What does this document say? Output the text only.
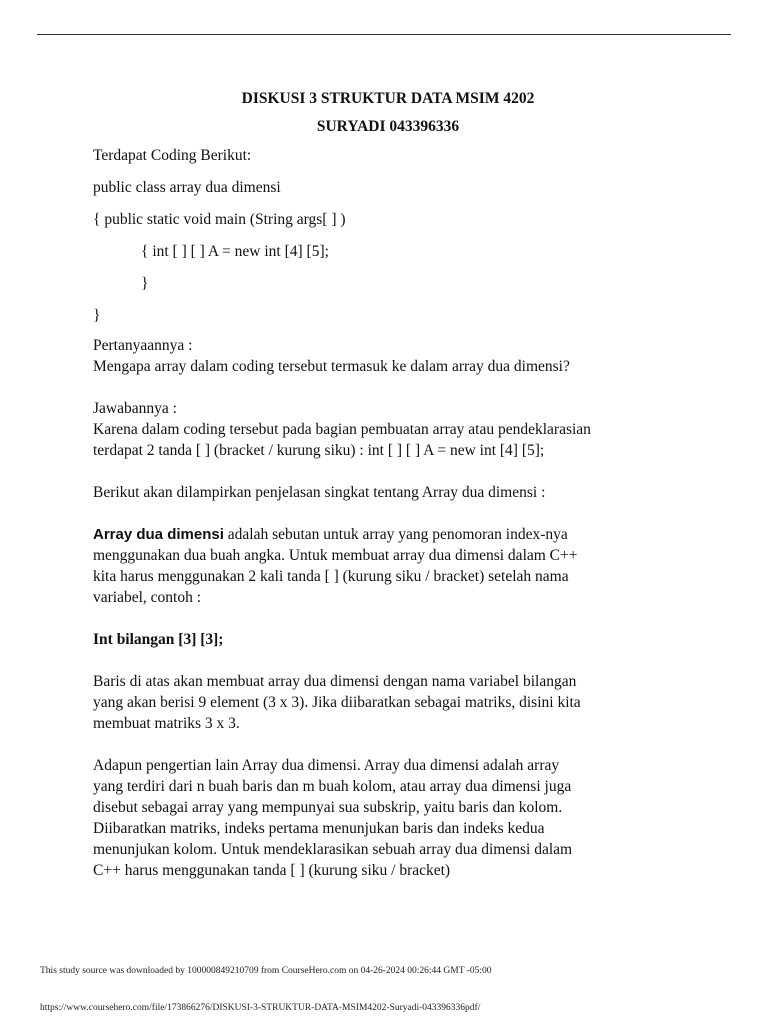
DISKUSI 3 STRUKTUR DATA MSIM 4202

SURYADI 043396336

Terdapat Coding Berikut:

public class array dua dimensi

{ public static void main (String args[ ] )

{ int [ ] [ ] A = new int [4] [5];

}

}

Pertanyaannya :

Mengapa array dalam coding tersebut termasuk ke dalam array dua dimensi?

Jawabannya :

Karena dalam coding tersebut pada bagian pembuatan array atau pendeklarasian

terdapat 2 tanda [ ] (bracket / kurung siku) : int [ ] [ ] A = new int [4] [5];

Berikut akan dilampirkan penjelasan singkat tentang Array dua dimensi :

Array dua dimensi adalah sebutan untuk array yang penomoran index-nya

menggunakan dua buah angka. Untuk membuat array dua dimensi dalam C++

kita harus menggunakan 2 kali tanda [ ] (kurung siku / bracket) setelah nama

variabel, contoh :

Int bilangan [3] [3];

Baris di atas akan membuat array dua dimensi dengan nama variabel bilangan

yang akan berisi 9 element (3 x 3). Jika diibaratkan sebagai matriks, disini kita

membuat matriks 3 x 3.

Adapun pengertian lain Array dua dimensi. Array dua dimensi adalah array

yang terdiri dari n buah baris dan m buah kolom, atau array dua dimensi juga

disebut sebagai array yang mempunyai sua subskrip, yaitu baris dan kolom.

Diibaratkan matriks, indeks pertama menunjukan baris dan indeks kedua

menunjukan kolom. Untuk mendeklarasikan sebuah array dua dimensi dalam

C++ harus menggunakan tanda [ ] (kurung siku / bracket)

This study source was downloaded by 100000849210709 from CourseHero.com on 04-26-2024 00:26:44 GMT -05:00
https://www.coursehero.com/file/173866276/DISKUSI-3-STRUKTUR-DATA-MSIM4202-Suryadi-043396336pdf/
